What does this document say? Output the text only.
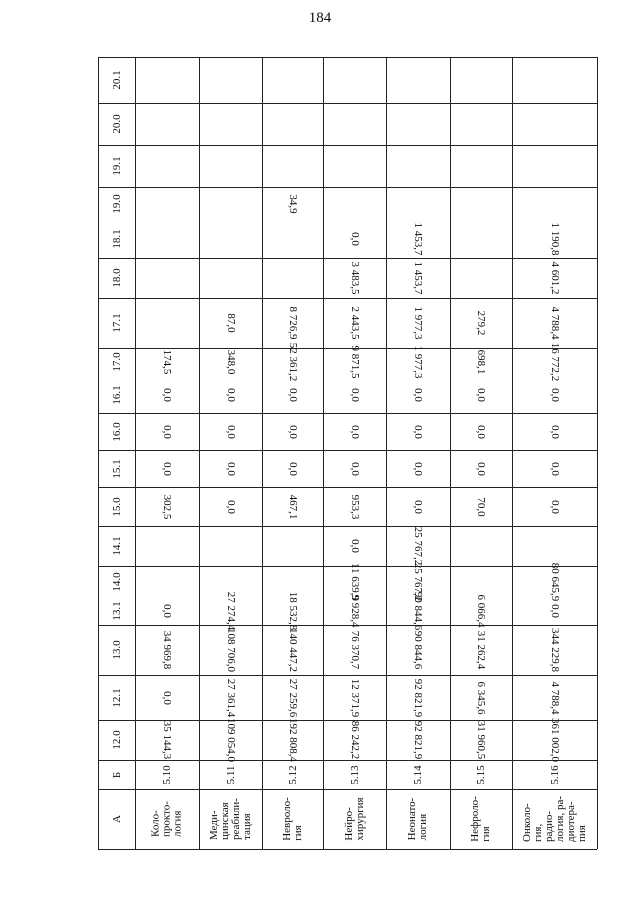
184
12.0
12.1
13.0
13.1
14.0
14.1
15.0
15.1
16.0
16.1
17.0
17.1
18.0
18.1
19.0
19.1
20.0
20.1
Б
А
5.10
Коло-
прокто-
логия
35 144,3
0,0
34 969,8
0,0
302,5
0,0
0,0
0,0
174,5
5.11
Меди-
цинская
реабили-
тация
109 054,0
27 361,4
108 706,0
27 274,4
0,0
0,0
0,0
0,0
348,0
87,0
5.12
Невроло-
гия
192 808,4
27 259,6
140 447,2
18 532,8
467,1
0,0
0,0
0,0
52 361,2
8 726,9
34,9
5.13
Нейро-
хирургия
86 242,2
12 371,9
76 370,7
9 928,4
11 639,9
0,0
953,3
0,0
0,0
0,0
9 871,5
2 443,5
3 483,5
0,0
5.14
Неонато-
логия
92 821,9
92 821,9
90 844,6
90 844,6
25 767,2
25 767,2
0,0
0,0
0,0
0,0
1 977,3
1 977,3
1 453,7
1 453,7
5.15
Нефроло-
гия
31 960,5
6 345,6
31 262,4
6 066,4
70,0
0,0
0,0
0,0
698,1
279,2
5.16
Онколо-
гия,
радио-
логия, ра-
диотера-
пия
361 002,0
4 788,4
344 229,8
0,0
80 645,9
0,0
0,0
0,0
0,0
16 772,2
4 788,4
4 601,2
1 190,8
